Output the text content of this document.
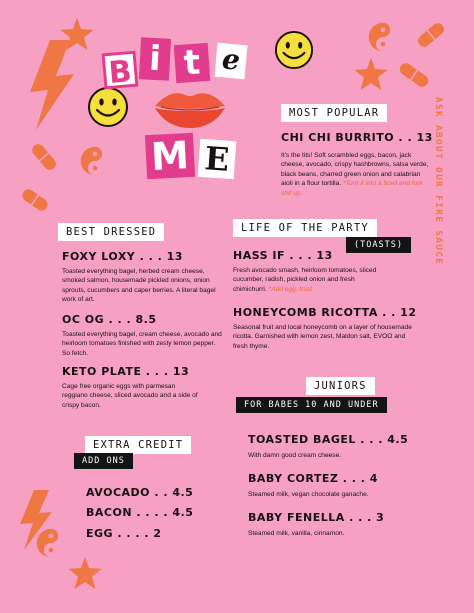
B i t e
M E	ASK ABOUT OUR FIRE SAUCE
MOST POPULAR
CHI CHI BURRITO . . 13
It's the tits! Soft scrambled eggs, bacon, jack cheese, avocado, crispy hashbrowns, salsa verde, black beans, charred green onion and calabrian aioli in a flour tortilla. *Turn it into a bowl and fork shit up.
BEST DRESSED
FOXY LOXY . . . 13
Toasted everything bagel, herbed cream cheese, smoked salmon, housemade pickled onions, onion sprouts, cucumbers and caper berries. A literal bagel work of art.
OC OG . . . 8.5
Toasted everything bagel, cream cheese, avocado and heirloom tomatoes finished with zesty lemon pepper. So fetch.
KETO PLATE . . . 13
Cage free organic eggs with parmesan reggiano cheese, sliced avocado and a side of crispy bacon.
LIFE OF THE PARTY
(TOASTS)
HASS IF . . . 13
Fresh avocado smash, heirloom tomatoes, sliced cucumber, radish, pickled onion and fresh chimichurri. *Add egg, trust.
HONEYCOMB RICOTTA . . 12
Seasonal fruit and local honeycomb on a layer of housemade ricotta. Garnished with lemon zest, Maldon salt, EVOO and fresh thyme.
JUNIORS
FOR BABES 10 AND UNDER
TOASTED BAGEL . . . 4.5
With damn good cream cheese.
BABY CORTEZ . . . 4
Steamed milk, vegan chocolate ganache.
BABY FENELLA . . . 3
Steamed milk, vanilla, cinnamon.
EXTRA CREDIT
ADD ONS
AVOCADO . . 4.5
BACON . . . . 4.5
EGG . . . . 2
